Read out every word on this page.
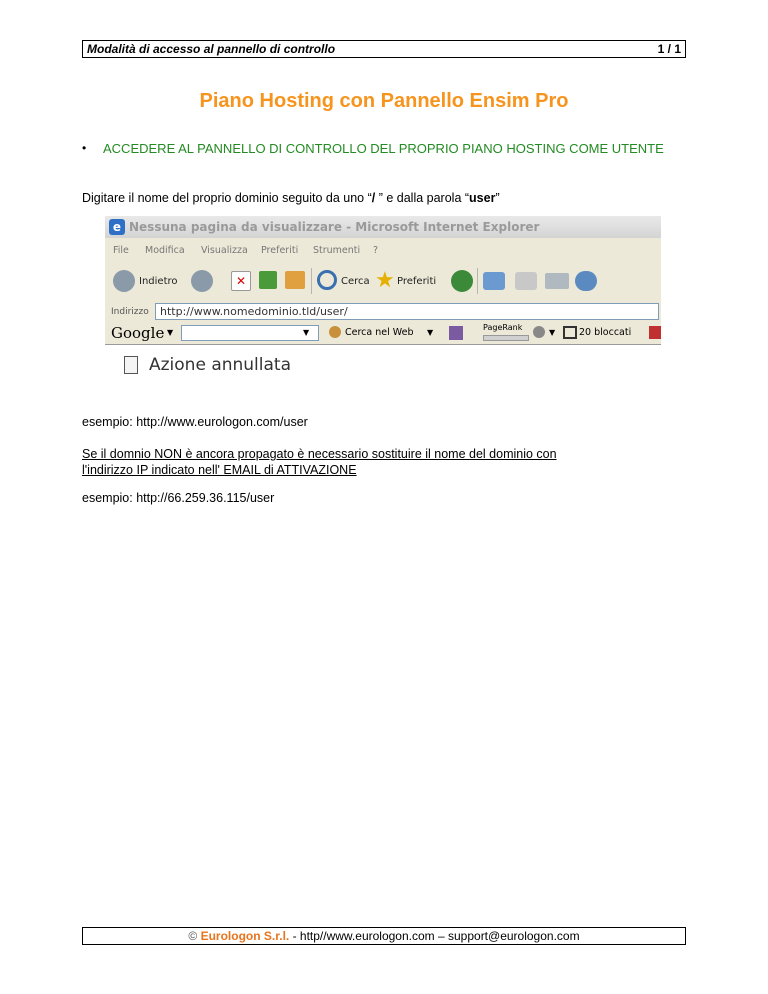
Modalità di accesso al pannello di controllo	1 / 1
Piano Hosting con Pannello Ensim Pro
• ACCEDERE AL PANNELLO DI CONTROLLO DEL PROPRIO PIANO HOSTING COME UTENTE
Digitare il nome del proprio dominio seguito da uno “/ ” e dalla parola “user”
e Nessuna pagina da visualizzare - Microsoft Internet Explorer
File Modifica Visualizza Preferiti Strumenti ?
Indietro	✕	Cerca ★ Preferiti
Indirizzo	http://www.nomedominio.tld/user/
Google ▼	▼	Cerca nel Web ▼
PageRank
▼	20 bloccati
Azione annullata
esempio: http://www.eurologon.com/user
Se il domnio NON è ancora propagato è necessario sostituire il nome del dominio con
l'indirizzo IP indicato nell' EMAIL di ATTIVAZIONE
esempio: http://66.259.36.115/user
© Eurologon S.r.l. - http//www.eurologon.com – support@eurologon.com
